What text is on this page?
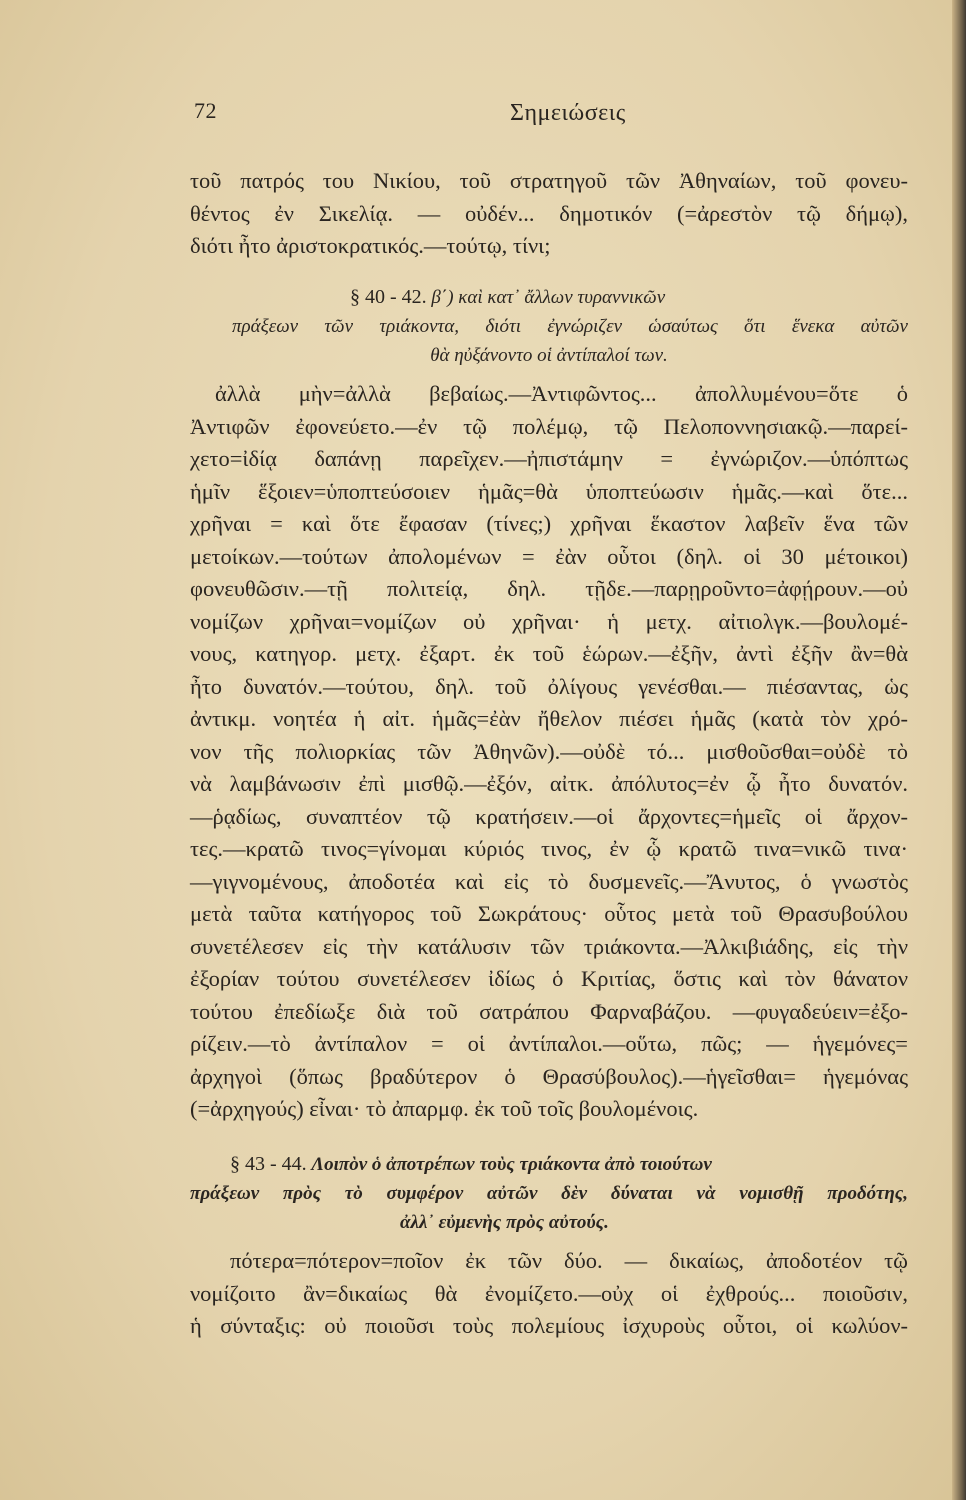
72	Σημειώσεις
τοῦ πατρός του Νικίου, τοῦ στρατηγοῦ τῶν Ἀθηναίων, τοῦ φονευ-
θέντος ἐν Σικελίᾳ. — οὐδέν... δημοτικόν (=ἀρεστὸν τῷ δήμῳ),
διότι ἦτο ἀριστοκρατικός.—τούτῳ, τίνι;
§ 40 - 42. β΄) καὶ κατ᾿ ἄλλων τυραννικῶν
πράξεων τῶν τριάκοντα, διότι ἐγνώριζεν ὡσαύτως ὅτι ἕνεκα αὐτῶν
θὰ ηὐξάνοντο οἱ ἀντίπαλοί των.
ἀλλὰ μὴν=ἀλλὰ βεβαίως.—Ἀντιφῶντος... ἀπολλυμένου=ὅτε ὁ
Ἀντιφῶν ἐφονεύετο.—ἐν τῷ πολέμῳ, τῷ Πελοποννησιακῷ.—παρεί-
χετο=ἰδίᾳ δαπάνῃ παρεῖχεν.—ἠπιστάμην = ἐγνώριζον.—ὑπόπτως
ἡμῖν ἕξοιεν=ὑποπτεύσοιεν ἡμᾶς=θὰ ὑποπτεύωσιν ἡμᾶς.—καὶ ὅτε...
χρῆναι = καὶ ὅτε ἔφασαν (τίνες;) χρῆναι ἕκαστον λαβεῖν ἕνα τῶν
μετοίκων.—τούτων ἀπολομένων = ἐὰν οὗτοι (δηλ. οἱ 30 μέτοικοι)
φονευθῶσιν.—τῇ πολιτείᾳ, δηλ. τῇδε.—παρῃροῦντο=ἀφῄρουν.—οὐ
νομίζων χρῆναι=νομίζων οὐ χρῆναι· ἡ μετχ. αἰτιολγκ.—βουλομέ-
νους, κατηγορ. μετχ. ἐξαρτ. ἐκ τοῦ ἑώρων.—ἐξῆν, ἀντὶ ἐξῆν ἂν=θὰ
ἦτο δυνατόν.—τούτου, δηλ. τοῦ ὀλίγους γενέσθαι.— πιέσαντας, ὡς
ἀντικμ. νοητέα ἡ αἰτ. ἡμᾶς=ἐὰν ἤθελον πιέσει ἡμᾶς (κατὰ τὸν χρό-
νον τῆς πολιορκίας τῶν Ἀθηνῶν).—οὐδὲ τό... μισθοῦσθαι=οὐδὲ τὸ
νὰ λαμβάνωσιν ἐπὶ μισθῷ.—ἐξόν, αἰτκ. ἀπόλυτος=ἐν ᾧ ἦτο δυνατόν.
—ῥᾳδίως, συναπτέον τῷ κρατήσειν.—οἱ ἄρχοντες=ἡμεῖς οἱ ἄρχον-
τες.—κρατῶ τινος=γίνομαι κύριός τινος, ἐν ᾧ κρατῶ τινα=νικῶ τινα·
—γιγνομένους, ἀποδοτέα καὶ εἰς τὸ δυσμενεῖς.—Ἄνυτος, ὁ γνωστὸς
μετὰ ταῦτα κατήγορος τοῦ Σωκράτους· οὗτος μετὰ τοῦ Θρασυβούλου
συνετέλεσεν εἰς τὴν κατάλυσιν τῶν τριάκοντα.—Ἀλκιβιάδης, εἰς τὴν
ἐξορίαν τούτου συνετέλεσεν ἰδίως ὁ Κριτίας, ὅστις καὶ τὸν θάνατον
τούτου ἐπεδίωξε διὰ τοῦ σατράπου Φαρναβάζου. —φυγαδεύειν=ἐξο-
ρίζειν.—τὸ ἀντίπαλον = οἱ ἀντίπαλοι.—οὕτω, πῶς; — ἡγεμόνες=
ἀρχηγοὶ (ὅπως βραδύτερον ὁ Θρασύβουλος).—ἡγεῖσθαι= ἡγεμόνας
(=ἀρχηγούς) εἶναι· τὸ ἀπαρμφ. ἐκ τοῦ τοῖς βουλομένοις.
§ 43 - 44. Λοιπὸν ὁ ἀποτρέπων τοὺς τριάκοντα ἀπὸ τοιούτων
πράξεων πρὸς τὸ συμφέρον αὐτῶν δὲν δύναται νὰ νομισθῇ προδότης,
ἀλλ᾿ εὐμενὴς πρὸς αὐτούς.
πότερα=πότερον=ποῖον ἐκ τῶν δύο. — δικαίως, ἀποδοτέον τῷ
νομίζοιτο ἂν=δικαίως θὰ ἐνομίζετο.—οὐχ οἱ ἐχθρούς... ποιοῦσιν,
ἡ σύνταξις: οὐ ποιοῦσι τοὺς πολεμίους ἰσχυροὺς οὗτοι, οἱ κωλύον-
